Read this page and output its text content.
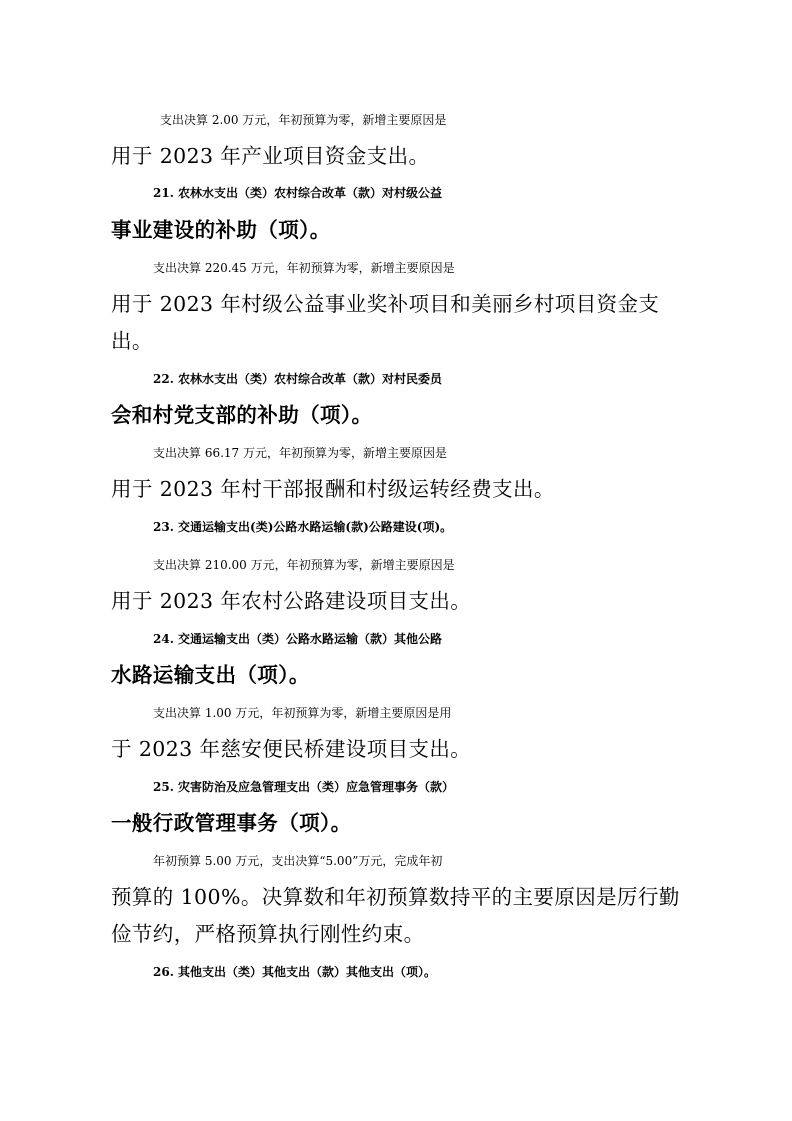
支出决算 2.00 万元，年初预算为零，新增主要原因是
用于 2023 年产业项目资金支出。
21. 农林水支出（类）农村综合改革（款）对村级公益
事业建设的补助（项）。
支出决算 220.45 万元，年初预算为零，新增主要原因是
用于 2023 年村级公益事业奖补项目和美丽乡村项目资金支
出。
22. 农林水支出（类）农村综合改革（款）对村民委员
会和村党支部的补助（项）。
支出决算 66.17 万元，年初预算为零，新增主要原因是
用于 2023 年村干部报酬和村级运转经费支出。
23. 交通运输支出(类)公路水路运输(款)公路建设(项)。
支出决算 210.00 万元，年初预算为零，新增主要原因是
用于 2023 年农村公路建设项目支出。
24. 交通运输支出（类）公路水路运输（款）其他公路
水路运输支出（项）。
支出决算 1.00 万元，年初预算为零，新增主要原因是用
于 2023 年慈安便民桥建设项目支出。
25. 灾害防治及应急管理支出（类）应急管理事务（款）
一般行政管理事务（项）。
年初预算 5.00 万元，支出决算“5.00”万元，完成年初
预算的 100%。决算数和年初预算数持平的主要原因是厉行勤
俭节约，严格预算执行刚性约束。
26. 其他支出（类）其他支出（款）其他支出（项）。
